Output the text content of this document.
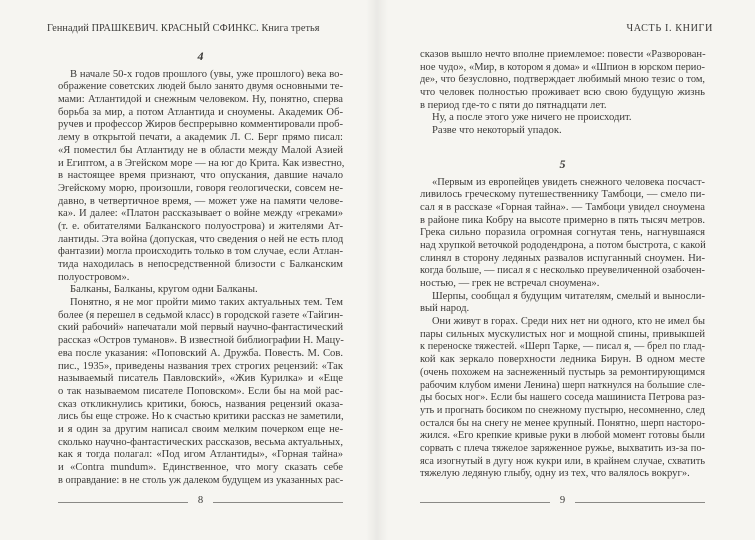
Геннадий ПРАШКЕВИЧ. КРАСНЫЙ СФИНКС. Книга третья
4
В начале 50-х годов прошлого (увы, уже прошлого) века во-
ображение советских людей было занято двумя основными те-
мами: Атлантидой и снежным человеком. Ну, понятно, сперва
борьба за мир, а потом Атлантида и сноумены. Академик Об-
ручев и профессор Жиров беспрерывно комментировали проб-
лему в открытой печати, а академик Л. С. Берг прямо писал:
«Я поместил бы Атлантиду не в области между Малой Азией
и Египтом, а в Эгейском море — на юг до Крита. Как известно,
в настоящее время признают, что опускания, давшие начало
Эгейскому морю, произошли, говоря геологически, совсем не-
давно, в четвертичное время, — может уже на памяти челове-
ка». И далее: «Платон рассказывает о войне между «греками»
(т. е. обитателями Балканского полуострова) и жителями Ат-
лантиды. Эта война (допуская, что сведения о ней не есть плод
фантазии) могла происходить только в том случае, если Атлан-
тида находилась в непосредственной близости с Балканским
полуостровом».
Балканы, Балканы, кругом одни Балканы.
Понятно, я не мог пройти мимо таких актуальных тем. Тем
более (я перешел в седьмой класс) в городской газете «Тайгин-
ский рабочий» напечатали мой первый научно-фантастический
рассказ «Остров туманов». В известной библиографии Н. Мацу-
ева после указания: «Поповский А. Дружба. Повесть. М. Сов.
пис., 1935», приведены названия трех строгих рецензий: «Так
называемый писатель Павловский», «Жив Курилка» и «Еще
о так называемом писателе Поповском». Если бы на мой рас-
сказ откликнулись критики, боюсь, названия рецензий оказа-
лись бы еще строже. Но к счастью критики рассказ не заметили,
и я один за другим написал своим мелким почерком еще не-
сколько научно-фантастических рассказов, весьма актуальных,
как я тогда полагал: «Под игом Атлантиды», «Горная тайна»
и «Contra mundum». Единственное, что могу сказать себе
в оправдание: в не столь уж далеком будущем из указанных рас-
8
ЧАСТЬ I. КНИГИ
сказов вышло нечто вполне приемлемое: повести «Разворован-
ное чудо», «Мир, в котором я дома» и «Шпион в юрском перио-
де», что безусловно, подтверждает любимый мною тезис о том,
что человек полностью проживает всю свою будущую жизнь
в период где-то с пяти до пятнадцати лет.
Ну, а после этого уже ничего не происходит.
Разве что некоторый упадок.
5
«Первым из европейцев увидеть снежного человека посчаст-
ливилось греческому путешественнику Тамбоци, — смело пи-
сал я в рассказе «Горная тайна». — Тамбоци увидел сноумена
в районе пика Кобру на высоте примерно в пять тысяч метров.
Грека сильно поразила огромная согнутая тень, нагнувшаяся
над хрупкой веточкой рододендрона, а потом быстрота, с какой
слинял в сторону ледяных развалов испуганный сноумен. Ни-
когда больше, — писал я с несколько преувеличенной озабочен-
ностью, — грек не встречал сноумена».
Шерпы, сообщал я будущим читателям, смелый и выносли-
вый народ.
Они живут в горах. Среди них нет ни одного, кто не имел бы
пары сильных мускулистых ног и мощной спины, привыкшей
к переноске тяжестей. «Шерп Тарке, — писал я, — брел по глад-
кой как зеркало поверхности ледника Бирун. В одном месте
(очень похожем на заснеженный пустырь за ремонтирующимся
рабочим клубом имени Ленина) шерп наткнулся на большие сле-
ды босых ног». Если бы нашего соседа машиниста Петрова раз-
уть и прогнать босиком по снежному пустырю, несомненно, след
остался бы на снегу не менее крупный. Понятно, шерп насторо-
жился. «Его крепкие кривые руки в любой момент готовы были
сорвать с плеча тяжелое заряженное ружье, выхватить из-за по-
яса изогнутый в дугу нож кукри или, в крайнем случае, схватить
тяжелую ледяную глыбу, одну из тех, что валялось вокруг».
9
